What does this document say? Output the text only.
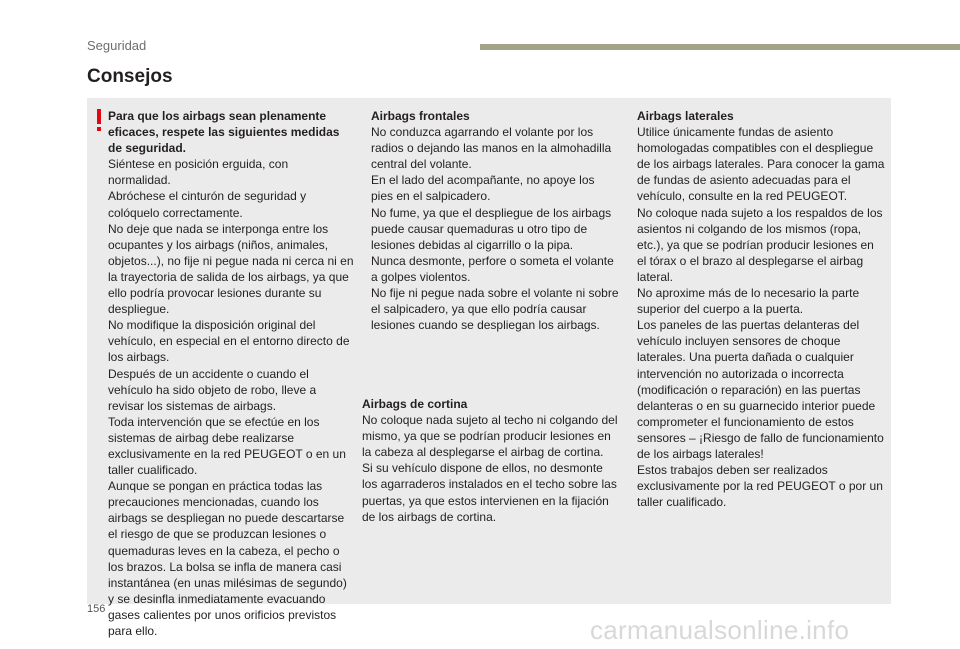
Seguridad
Consejos

Para que los airbags sean plenamente eficaces, respete las siguientes medidas de seguridad.

Siéntese en posición erguida, con normalidad.

Abróchese el cinturón de seguridad y colóquelo correctamente.

No deje que nada se interponga entre los ocupantes y los airbags (niños, animales, objetos...), no fije ni pegue nada ni cerca ni en la trayectoria de salida de los airbags, ya que ello podría provocar lesiones durante su despliegue.

No modifique la disposición original del vehículo, en especial en el entorno directo de los airbags.

Después de un accidente o cuando el vehículo ha sido objeto de robo, lleve a revisar los sistemas de airbags.

Toda intervención que se efectúe en los sistemas de airbag debe realizarse exclusivamente en la red PEUGEOT o en un taller cualificado.

Aunque se pongan en práctica todas las precauciones mencionadas, cuando los airbags se despliegan no puede descartarse el riesgo de que se produzcan lesiones o quemaduras leves en la cabeza, el pecho o los brazos. La bolsa se infla de manera casi instantánea (en unas milésimas de segundo) y se desinfla inmediatamente evacuando gases calientes por unos orificios previstos para ello.

Airbags frontales

No conduzca agarrando el volante por los radios o dejando las manos en la almohadilla central del volante.

En el lado del acompañante, no apoye los pies en el salpicadero.

No fume, ya que el despliegue de los airbags puede causar quemaduras u otro tipo de lesiones debidas al cigarrillo o la pipa.

Nunca desmonte, perfore o someta el volante a golpes violentos.

No fije ni pegue nada sobre el volante ni sobre el salpicadero, ya que ello podría causar lesiones cuando se despliegan los airbags.

Airbags de cortina

No coloque nada sujeto al techo ni colgando del mismo, ya que se podrían producir lesiones en la cabeza al desplegarse el airbag de cortina.

Si su vehículo dispone de ellos, no desmonte los agarraderos instalados en el techo sobre las puertas, ya que estos intervienen en la fijación de los airbags de cortina.

Airbags laterales

Utilice únicamente fundas de asiento homologadas compatibles con el despliegue de los airbags laterales. Para conocer la gama de fundas de asiento adecuadas para el vehículo, consulte en la red PEUGEOT.

No coloque nada sujeto a los respaldos de los asientos ni colgando de los mismos (ropa, etc.), ya que se podrían producir lesiones en el tórax o el brazo al desplegarse el airbag lateral.

No aproxime más de lo necesario la parte superior del cuerpo a la puerta.

Los paneles de las puertas delanteras del vehículo incluyen sensores de choque laterales. Una puerta dañada o cualquier intervención no autorizada o incorrecta (modificación o reparación) en las puertas delanteras o en su guarnecido interior puede comprometer el funcionamiento de estos sensores – ¡Riesgo de fallo de funcionamiento de los airbags laterales!

Estos trabajos deben ser realizados exclusivamente por la red PEUGEOT o por un taller cualificado.

156
carmanualsonline.info
